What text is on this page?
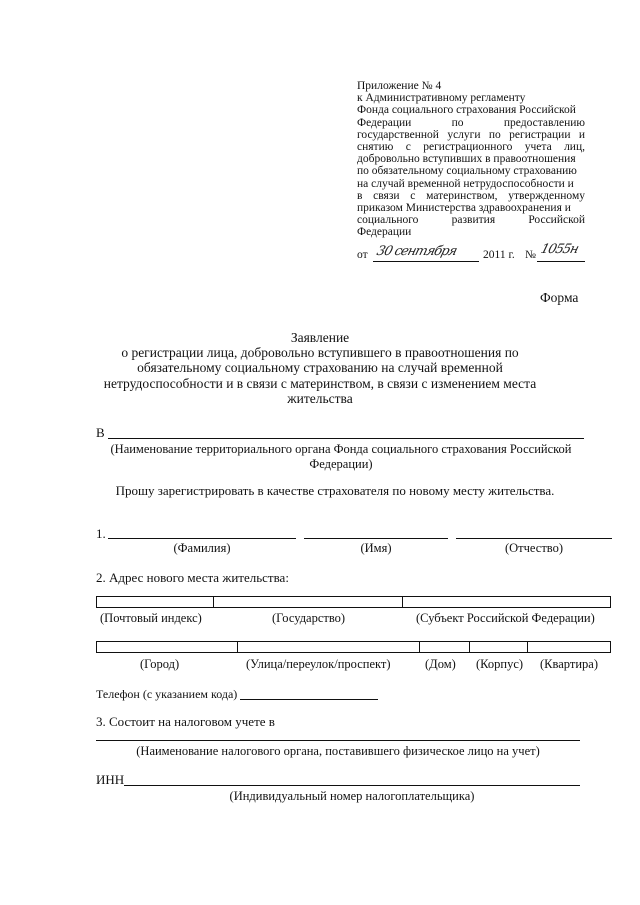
Приложение № 4
к Административному регламенту
Фонда социального страхования Российской
Федерации по предоставлению
государственной услуги по регистрации и
снятию с регистрационного учета лиц,
добровольно вступивших в правоотношения
по обязательному социальному страхованию
на случай временной нетрудоспособности и
в связи с материнством, утвержденному
приказом Министерства здравоохранения и
социального развития Российской
Федерации
от 30 сентября 2011 г. № 1055н
Форма
Заявление
о регистрации лица, добровольно вступившего в правоотношения по
обязательному социальному страхованию на случай временной
нетрудоспособности и в связи с материнством, в связи с изменением места
жительства
В
(Наименование территориального органа Фонда социального страхования Российской
Федерации)
Прошу зарегистрировать в качестве страхователя по новому месту жительства.
1.
(Фамилия)	(Имя)	(Отчество)
2. Адрес нового места жительства:
(Почтовый индекс)	(Государство)	(Субъект Российской Федерации)
(Город)	(Улица/переулок/проспект)	(Дом) (Корпус) (Квартира)
Телефон (с указанием кода)
3. Состоит на налоговом учете в
(Наименование налогового органа, поставившего физическое лицо на учет)
ИНН
(Индивидуальный номер налогоплательщика)
